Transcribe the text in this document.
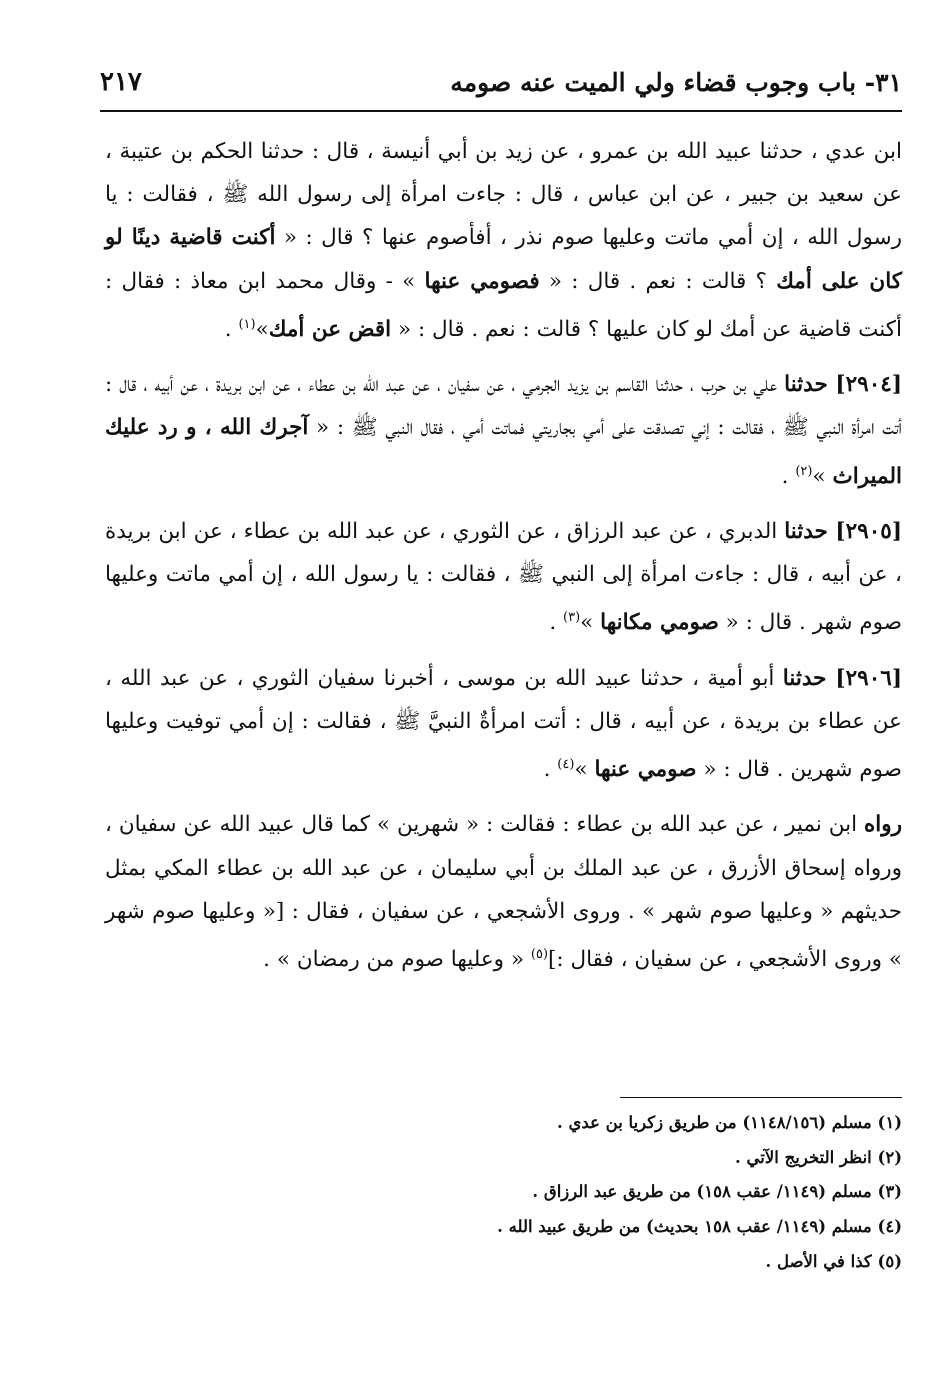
٣١- باب وجوب قضاء ولي الميت عنه صومه
٢١٧

ابن عدي ، حدثنا عبيد الله بن عمرو ، عن زيد بن أبي أنيسة ، قال : حدثنا الحكم بن عتيبة ، عن سعيد بن جبير ، عن ابن عباس ، قال : جاءت امرأة إلى رسول الله ﷺ ، فقالت : يا رسول الله ، إن أمي ماتت وعليها صوم نذر ، أفأصوم عنها ؟ قال : « أكنت قاضية دينًا لو كان على أمك ؟ قالت : نعم . قال : « فصومي عنها » - وقال محمد ابن معاذ : فقال : أكنت قاضية عن أمك لو كان عليها ؟ قالت : نعم . قال : « اقض عن أمك»$^{(١)}$ .

[٢٩٠٤] حدثنا علي بن حرب ، حدثنا القاسم بن يزيد الجرمي ، عن سفيان ، عن عبد الله بن عطاء ، عن ابن بريدة ، عن أبيه ، قال : أتت امرأة النبي ﷺ ، فقالت : إني تصدقت على أمي بجاريتي فماتت أمي ، فقال النبي ﷺ : « آجرك الله ، و رد عليك الميراث »$^{(٢)}$ .

[٢٩٠٥] حدثنا الدبري ، عن عبد الرزاق ، عن الثوري ، عن عبد الله بن عطاء ، عن ابن بريدة ، عن أبيه ، قال : جاءت امرأة إلى النبي ﷺ ، فقالت : يا رسول الله ، إن أمي ماتت وعليها صوم شهر . قال : « صومي مكانها »$^{(٣)}$ .

[٢٩٠٦] حدثنا أبو أمية ، حدثنا عبيد الله بن موسى ، أخبرنا سفيان الثوري ، عن عبد الله ، عن عطاء بن بريدة ، عن أبيه ، قال : أتت امرأةٌ النبيَّ ﷺ ، فقالت : إن أمي توفيت وعليها صوم شهرين . قال : « صومي عنها »$^{(٤)}$ .

رواه ابن نمير ، عن عبد الله بن عطاء : فقالت : « شهرين » كما قال عبيد الله عن سفيان ، ورواه إسحاق الأزرق ، عن عبد الملك بن أبي سليمان ، عن عبد الله بن عطاء المكي بمثل حديثهم « وعليها صوم شهر » . وروى الأشجعي ، عن سفيان ، فقال : [« وعليها صوم شهر » وروى الأشجعي ، عن سفيان ، فقال :]$^{(٥)}$ « وعليها صوم من رمضان » .

(١) مسلم (١١٤٨/١٥٦) من طريق زكريا بن عدي .
(٢) انظر التخريج الآتي .
(٣) مسلم (١١٤٩/ عقب ١٥٨) من طريق عبد الرزاق .
(٤) مسلم (١١٤٩/ عقب ١٥٨ بحديث) من طريق عبيد الله .
(٥) كذا في الأصل .
